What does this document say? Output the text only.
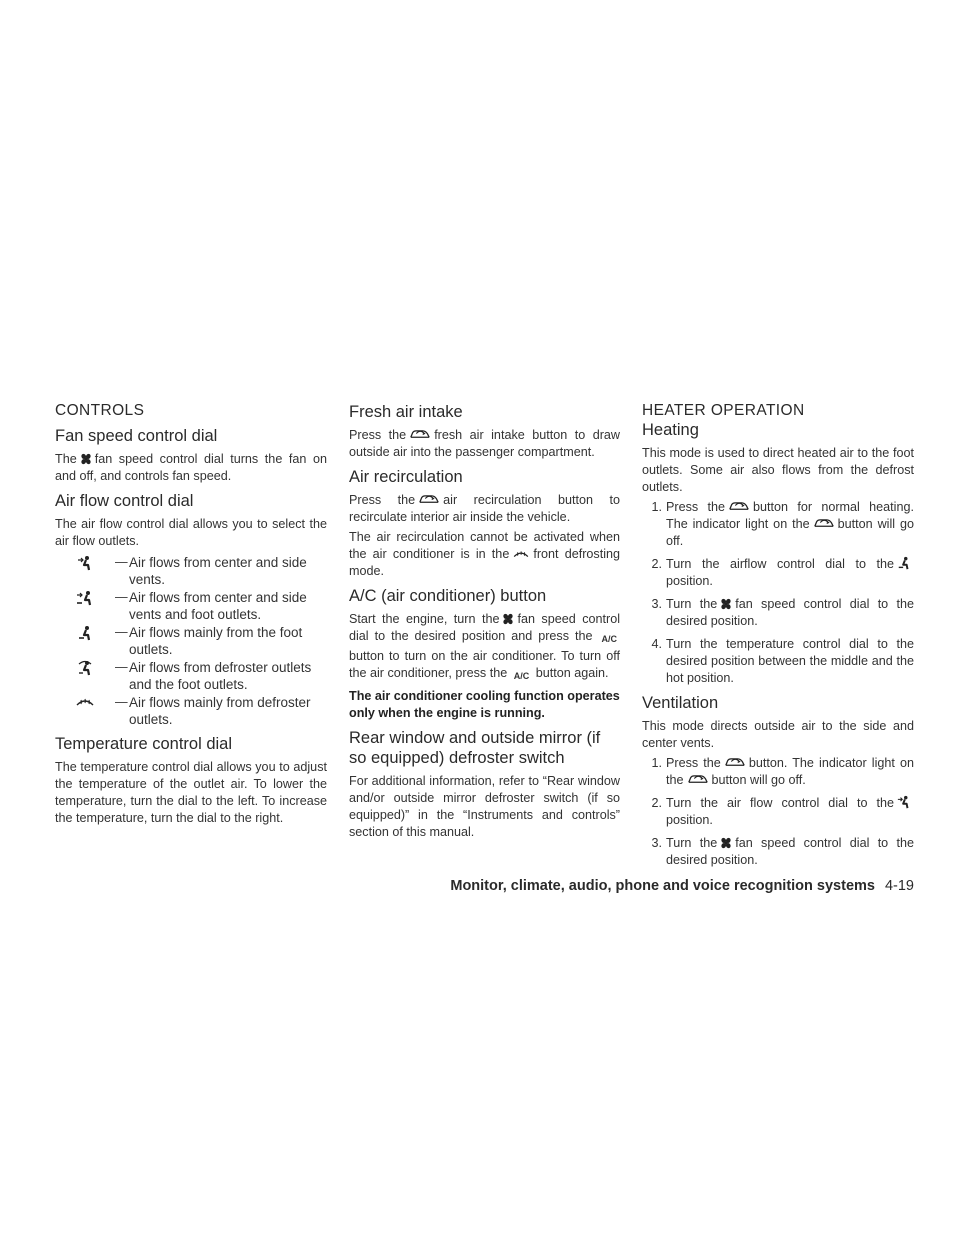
CONTROLS
Fan speed control dial

The fan speed control dial turns the fan on and off, and controls fan speed.

Air flow control dial

The air flow control dial allows you to select the air flow outlets.

— Air flows from center and side vents.
— Air flows from center and side vents and foot outlets.
— Air flows mainly from the foot outlets.
— Air flows from defroster outlets and the foot outlets.
— Air flows mainly from defroster outlets.
Temperature control dial

The temperature control dial allows you to adjust the temperature of the outlet air. To lower the temperature, turn the dial to the left. To increase the temperature, turn the dial to the right.

Fresh air intake

Press the fresh air intake button to draw outside air into the passenger compartment.

Air recirculation

Press the air recirculation button to recirculate interior air inside the vehicle.

The air recirculation cannot be activated when the air conditioner is in the front defrosting mode.

A/C (air conditioner) button

Start the engine, turn the fan speed control dial to the desired position and press the $^{A/C}$ button to turn on the air conditioner. To turn off the air conditioner, press the $^{A/C}$ button again.

The air conditioner cooling function operates only when the engine is running.

Rear window and outside mirror (if so equipped) defroster switch

For additional information, refer to “Rear window and/or outside mirror defroster switch (if so equipped)” in the “Instruments and controls” section of this manual.

HEATER OPERATION
Heating

This mode is used to direct heated air to the foot outlets. Some air also flows from the defrost outlets.

1. Press the button for normal heating. The indicator light on the button will go off.
2. Turn the airflow control dial to the
position.
3. Turn the fan speed control dial to the desired position.
4. Turn the temperature control dial to the desired position between the middle and the hot position.
Ventilation

This mode directs outside air to the side and center vents.

1. Press the button. The indicator light on the button will go off.
2. Turn the air flow control dial to the
position.
3. Turn the fan speed control dial to the desired position.
Monitor, climate, audio, phone and voice recognition systems 4-19
